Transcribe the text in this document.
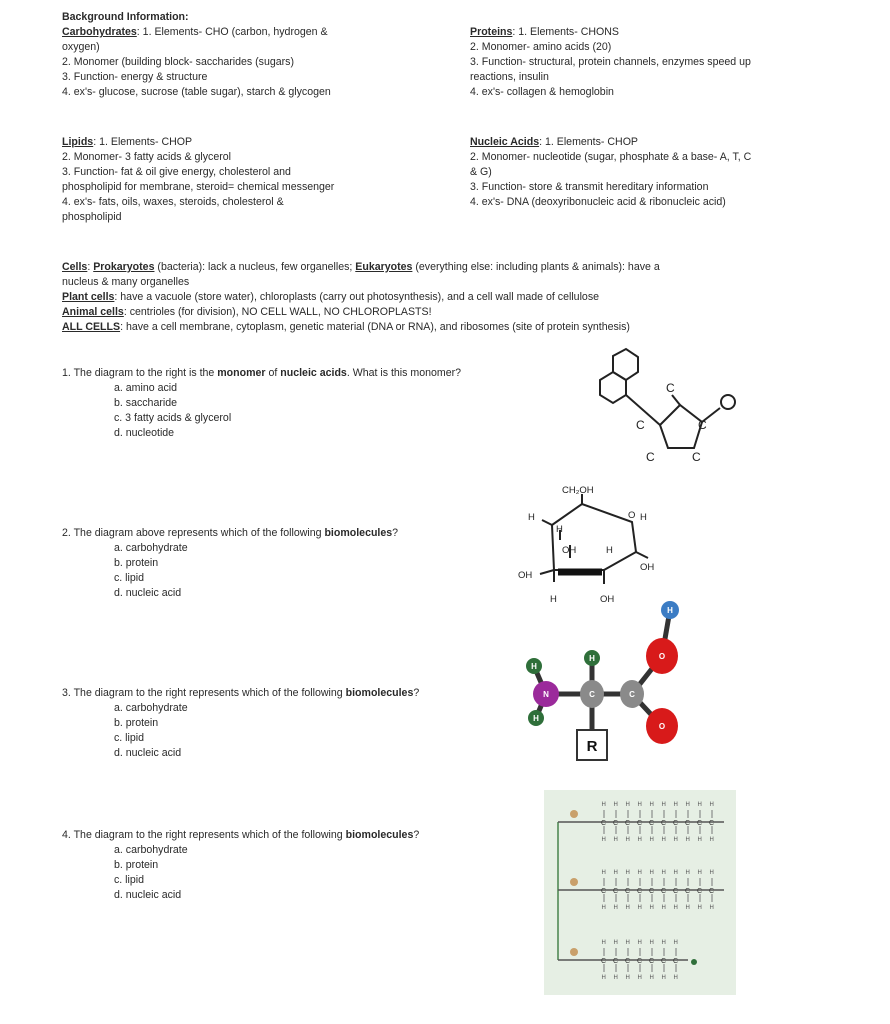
Background Information:
Carbohydrates: 1. Elements- CHO (carbon, hydrogen &
oxygen)
2. Monomer (building block- saccharides (sugars)
3. Function- energy & structure
4. ex's- glucose, sucrose (table sugar), starch & glycogen
Proteins: 1. Elements- CHONS
2. Monomer- amino acids (20)
3. Function- structural, protein channels, enzymes speed up
reactions, insulin
4. ex's- collagen & hemoglobin
Lipids: 1. Elements- CHOP
2. Monomer- 3 fatty acids & glycerol
3. Function- fat & oil give energy, cholesterol and
phospholipid for membrane, steroid= chemical messenger
4. ex's- fats, oils, waxes, steroids, cholesterol &
phospholipid
Nucleic Acids: 1. Elements- CHOP
2. Monomer- nucleotide (sugar, phosphate & a base- A, T, C
& G)
3. Function- store & transmit hereditary information
4. ex's- DNA (deoxyribonucleic acid & ribonucleic acid)
Cells: Prokaryotes (bacteria): lack a nucleus, few organelles; Eukaryotes (everything else: including plants & animals): have a
nucleus & many organelles
Plant cells: have a vacuole (store water), chloroplasts (carry out photosynthesis), and a cell wall made of cellulose
Animal cells: centrioles (for division), NO CELL WALL, NO CHLOROPLASTS!
ALL CELLS: have a cell membrane, cytoplasm, genetic material (DNA or RNA), and ribosomes (site of protein synthesis)
1. The diagram to the right is the monomer of nucleic acids. What is this monomer?
a. amino acid
b. saccharide
c. 3 fatty acids & glycerol
d. nucleotide
2. The diagram above represents which of the following biomolecules?
a. carbohydrate
b. protein
c. lipid
d. nucleic acid
3. The diagram to the right represents which of the following biomolecules?
a. carbohydrate
b. protein
c. lipid
d. nucleic acid
4. The diagram to the right represents which of the following biomolecules?
a. carbohydrate
b. protein
c. lipid
d. nucleic acid
C
C	C
C	C
CH₂OH
H
H
O H
OH	H
OH
OH
H	OH
H
H
H
H
N	C	C
O
O
R
C
H
H
C
H
H
C
H
H
C
H
H
C
H
H
C
H
H
C
H
H
C
H
H
C
H
H
C
H
H
C
H
H
C
H
H
C
H
H
C
H
H
C
H
H
C
H
H
C
H
H
C
H
H
C
H
H
C
H
H
C
H
H
C
H
H
C
H
H
C
H
H
C
H
H
C
H
H
C
H
H
